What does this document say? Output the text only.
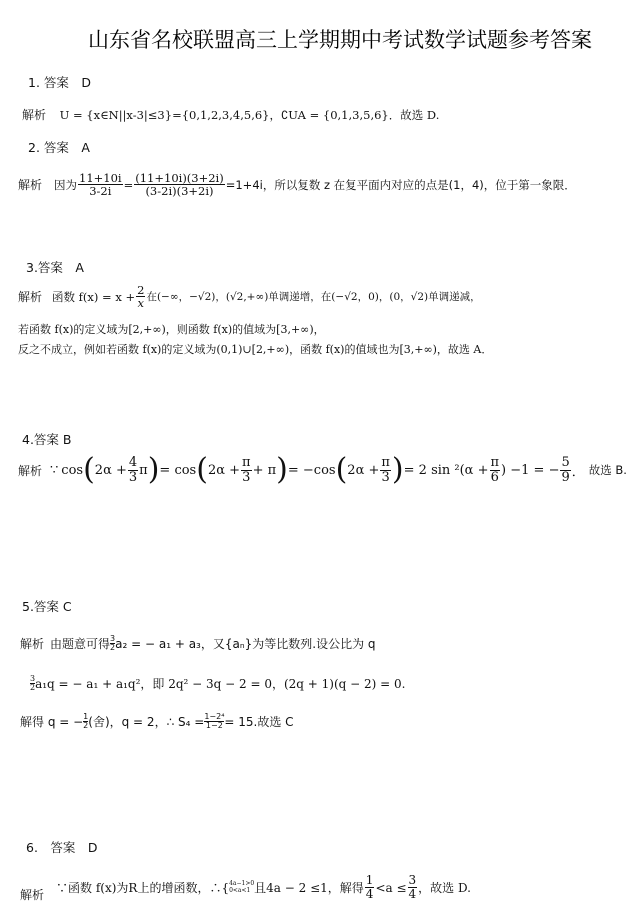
山东省名校联盟高三上学期期中考试数学试题参考答案
1. 答案　D
解析 U = {x∈N||x-3|≤3}={0,1,2,3,4,5,6}，∁UA = {0,1,3,5,6}．故选 D.
2. 答案　A
解析 因为 $\frac{11+10i}{3-2i} = \frac{(11+10i)(3+2i)}{(3-2i)(3+2i)} =1+4i$，所以复数 z 在复平面内对应的点是(1，4)，位于第一象限．
3.答案　A
解析 函数 $f(x) = x + \frac{2}{x}$ 在(−∞，−√2)，(√2,+∞)单调递增，在(−√2，0)，(0，√2)单调递减，
若函数 f(x)的定义域为[2,+∞)，则函数 f(x)的值域为[3,+∞)，
反之不成立，例如若函数 f(x)的定义域为(0,1)∪[2,+∞)，函数 f(x)的值域也为[3,+∞)，故选 A．
4.答案 B
解析 ∵ cos ( $2\alpha + \frac{4}{3}$ π ) = cos ( $2\alpha + \frac{\pi}{3} + \pi$ ) = −cos ( $2\alpha + \frac{\pi}{3}$ ) = 2 $\sin ^2(\alpha + \frac{\pi}{6}$ ) −1 = − $\frac{5}{9}$ ． 故选 B.
5.答案 C
解析 由题意可得 $\frac{3}{2} a_2$ = − a₁ + a₃，又{aₙ}为等比数列.设公比为 q
$\frac{3}{2} a_1q$ = − a₁ + a₁q²，即 2q² − 3q − 2 = 0，(2q + 1)(q − 2) = 0.
解得 q = − $\frac{1}{2}$ (舍)，q = 2，∴ $S_4 = \frac{\text{1−2⁴}}{1-2} = 15$.故选 C
6.　答案　D
解析 ∵函数 f(x)为R上的增函数，∴{ 4a−1>0
0<a<1 且4a − 2 ≤1，解得 $\frac{1}{4} <a \le \frac{3}{4}$ ，故选 D.
